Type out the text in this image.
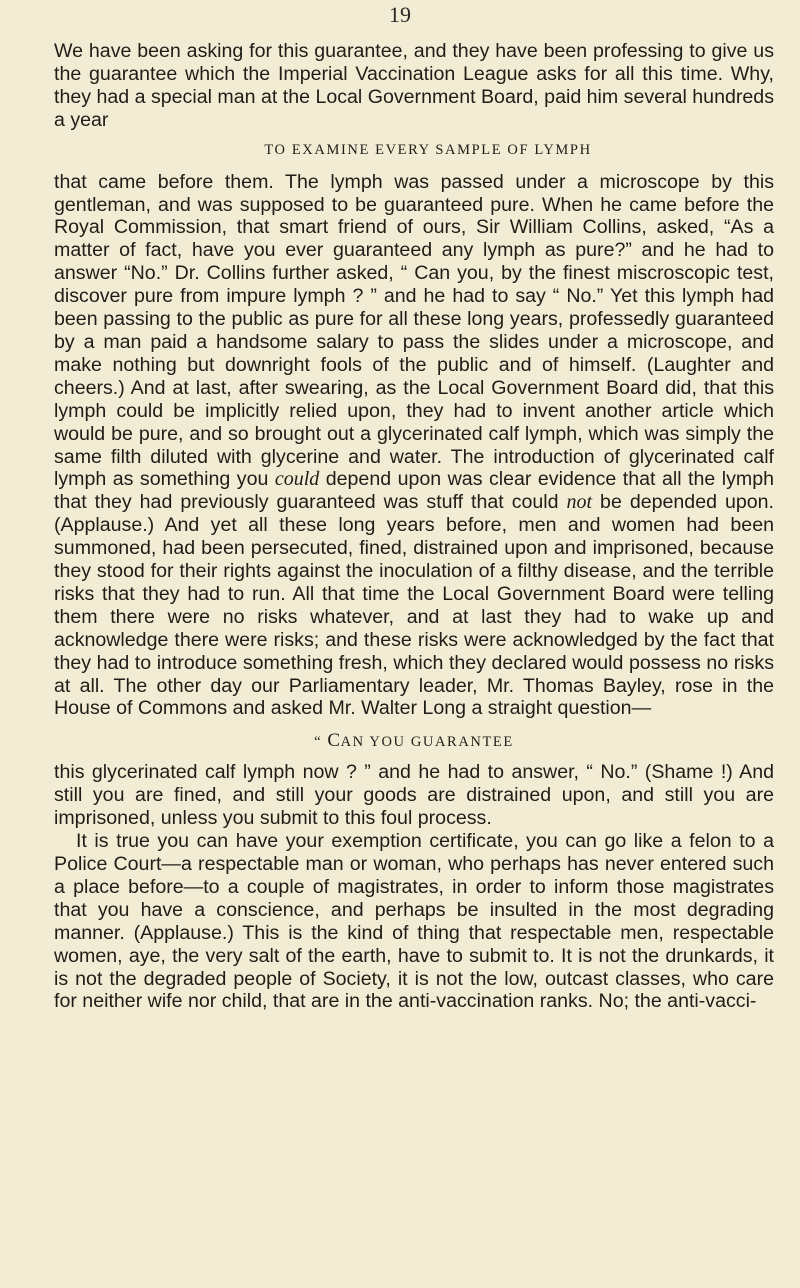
19

We have been asking for this guarantee, and they have been professing to give us the guarantee which the Imperial Vaccination League asks for all this time. Why, they had a special man at the Local Government Board, paid him several hundreds a year

TO EXAMINE EVERY SAMPLE OF LYMPH

that came before them. The lymph was passed under a microscope by this gentleman, and was supposed to be guaranteed pure. When he came before the Royal Commission, that smart friend of ours, Sir William Collins, asked, “As a matter of fact, have you ever guaranteed any lymph as pure?” and he had to answer “No.” Dr. Collins further asked, “ Can you, by the finest miscroscopic test, discover pure from impure lymph ? ” and he had to say “ No.” Yet this lymph had been passing to the public as pure for all these long years, professedly guaranteed by a man paid a handsome salary to pass the slides under a microscope, and make nothing but downright fools of the public and of himself. (Laughter and cheers.) And at last, after swearing, as the Local Government Board did, that this lymph could be implicitly relied upon, they had to invent another article which would be pure, and so brought out a glycerinated calf lymph, which was simply the same filth diluted with glycerine and water. The introduction of glycerinated calf lymph as something you could depend upon was clear evidence that all the lymph that they had previously guaranteed was stuff that could not be depended upon. (Applause.) And yet all these long years before, men and women had been summoned, had been persecuted, fined, distrained upon and imprisoned, because they stood for their rights against the inoculation of a filthy disease, and the terrible risks that they had to run. All that time the Local Government Board were telling them there were no risks whatever, and at last they had to wake up and acknowledge there were risks; and these risks were acknowledged by the fact that they had to introduce something fresh, which they declared would possess no risks at all. The other day our Parliamentary leader, Mr. Thomas Bayley, rose in the House of Commons and asked Mr. Walter Long a straight question—

“ CAN YOU GUARANTEE

this glycerinated calf lymph now ? ” and he had to answer, “ No.” (Shame !) And still you are fined, and still your goods are distrained upon, and still you are imprisoned, unless you submit to this foul process.

It is true you can have your exemption certificate, you can go like a felon to a Police Court—a respectable man or woman, who perhaps has never entered such a place before—to a couple of magistrates, in order to inform those magistrates that you have a conscience, and perhaps be insulted in the most degrading manner. (Applause.) This is the kind of thing that respectable men, respectable women, aye, the very salt of the earth, have to submit to. It is not the drunkards, it is not the degraded people of Society, it is not the low, outcast classes, who care for neither wife nor child, that are in the anti-vaccination ranks. No; the anti-vacci-
